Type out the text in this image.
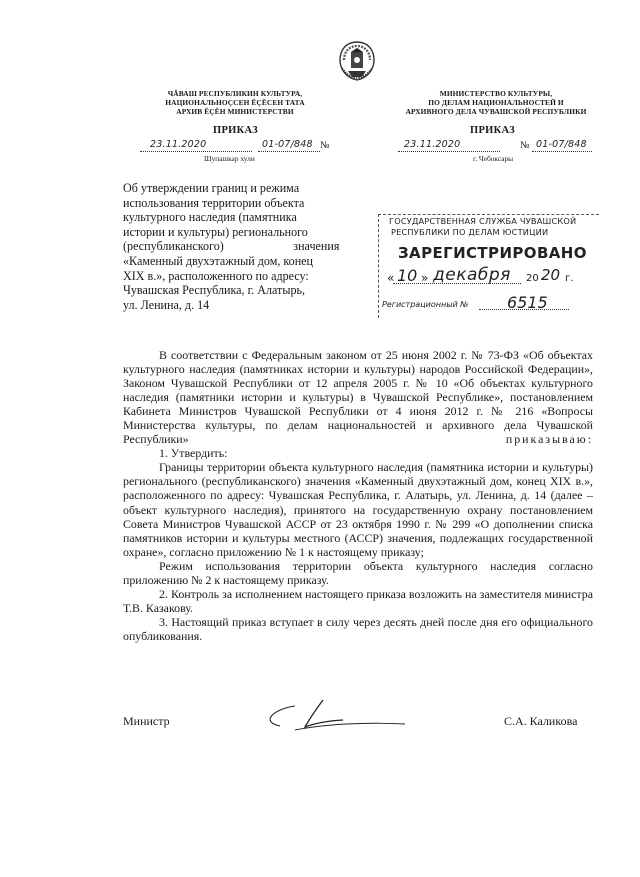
ЧĂВАШ РЕСПУБЛИКИН КУЛЬТУРА,
НАЦИОНАЛЬНОÇСЕН ĔÇĔСЕН ТАТА
АРХИВ ĔÇĔН МИНИСТЕРСТВИ
МИНИСТЕРСТВО КУЛЬТУРЫ,
ПО ДЕЛАМ НАЦИОНАЛЬНОСТЕЙ И
АРХИВНОГО ДЕЛА ЧУВАШСКОЙ РЕСПУБЛИКИ
ПРИКАЗ	ПРИКАЗ
23.11.2020	01-07/848 №
Шупашкар хули
23.11.2020	№ 01-07/848
г. Чебоксары
Об утверждении границ и режима
использования территории объекта
культурного наследия (памятника
истории и культуры) регионального
(республиканского)                       значения
«Каменный двухэтажный дом, конец
XIX в.», расположенного по адресу:
Чувашская Республика, г. Алатырь,
ул. Ленина, д. 14
ГОСУДАРСТВЕННАЯ СЛУЖБА ЧУВАШСКОЙ
РЕСПУБЛИКИ ПО ДЕЛАМ ЮСТИЦИИ
ЗАРЕГИСТРИРОВАНО
« 10 » декабря 20 20 г.
Регистрационный № 6515

В соответствии с Федеральным законом от 25 июня 2002 г. № 73-ФЗ «Об объектах культурного наследия (памятниках истории и культуры) народов Российской Федерации», Законом Чувашской Республики от 12 апреля 2005 г. № 10 «Об объектах культурного наследия (памятники истории и культуры) в Чувашской Республике», постановлением Кабинета Министров Чувашской Республики от 4 июня 2012 г. № 216 «Вопросы Министерства культуры, по делам национальностей и архивного дела Чувашской Республики»	приказываю:

1. Утвердить:

Границы территории объекта культурного наследия (памятника истории и культуры) регионального (республиканского) значения «Каменный двухэтажный дом, конец XIX в.», расположенного по адресу: Чувашская Республика, г. Алатырь, ул. Ленина, д. 14 (далее – объект культурного наследия), принятого на государственную охрану постановлением Совета Министров Чувашской АССР от 23 октября 1990 г. № 299 «О дополнении списка памятников истории и культуры местного (АССР) значения, подлежащих государственной охране», согласно приложению № 1 к настоящему приказу;

Режим использования территории объекта культурного наследия согласно приложению № 2 к настоящему приказу.

2. Контроль за исполнением настоящего приказа возложить на заместителя министра Т.В. Казакову.

3. Настоящий приказ вступает в силу через десять дней после дня его официального опубликования.

Министр	С.А. Каликова
